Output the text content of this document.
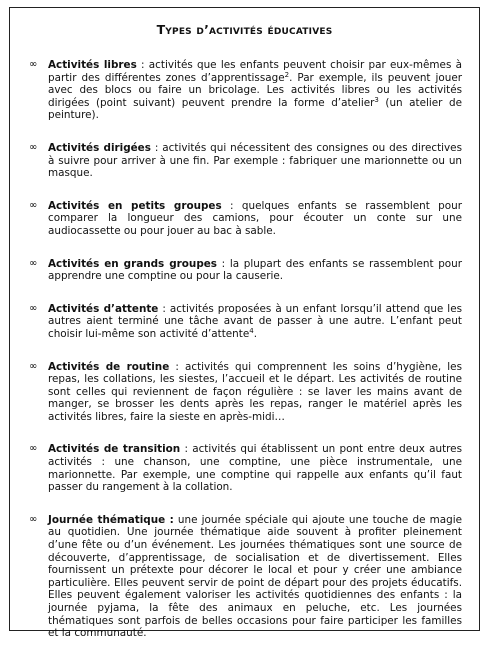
Types d’activités éducatives
∞ Activités libres : activités que les enfants peuvent choisir par eux-mêmes à partir des différentes zones d’apprentissage$^2$. Par exemple, ils peuvent jouer avec des blocs ou faire un bricolage. Les activités libres ou les activités dirigées (point suivant) peuvent prendre la forme d’atelier$^3$ (un atelier de peinture).
∞ Activités dirigées : activités qui nécessitent des consignes ou des directives à suivre pour arriver à une fin. Par exemple : fabriquer une marionnette ou un masque.
∞ Activités en petits groupes : quelques enfants se rassemblent pour comparer la longueur des camions, pour écouter un conte sur une audiocassette ou pour jouer au bac à sable.
∞ Activités en grands groupes : la plupart des enfants se rassemblent pour apprendre une comptine ou pour la causerie.
∞ Activités d’attente : activités proposées à un enfant lorsqu’il attend que les autres aient terminé une tâche avant de passer à une autre. L’enfant peut choisir lui-même son activité d’attente$^4$.
∞ Activités de routine : activités qui comprennent les soins d’hygiène, les repas, les collations, les siestes, l’accueil et le départ. Les activités de routine sont celles qui reviennent de façon régulière : se laver les mains avant de manger, se brosser les dents après les repas, ranger le matériel après les activités libres, faire la sieste en après-midi…
∞ Activités de transition : activités qui établissent un pont entre deux autres activités : une chanson, une comptine, une pièce instrumentale, une marionnette. Par exemple, une comptine qui rappelle aux enfants qu’il faut passer du rangement à la collation.
∞ Journée thématique : une journée spéciale qui ajoute une touche de magie au quotidien. Une journée thématique aide souvent à profiter pleinement d’une fête ou d’un événement. Les journées thématiques sont une source de découverte, d’apprentissage, de socialisation et de divertissement. Elles fournissent un prétexte pour décorer le local et pour y créer une ambiance particulière. Elles peuvent servir de point de départ pour des projets éducatifs. Elles peuvent également valoriser les activités quotidiennes des enfants : la journée pyjama, la fête des animaux en peluche, etc. Les journées thématiques sont parfois de belles occasions pour faire participer les familles et la communauté.
